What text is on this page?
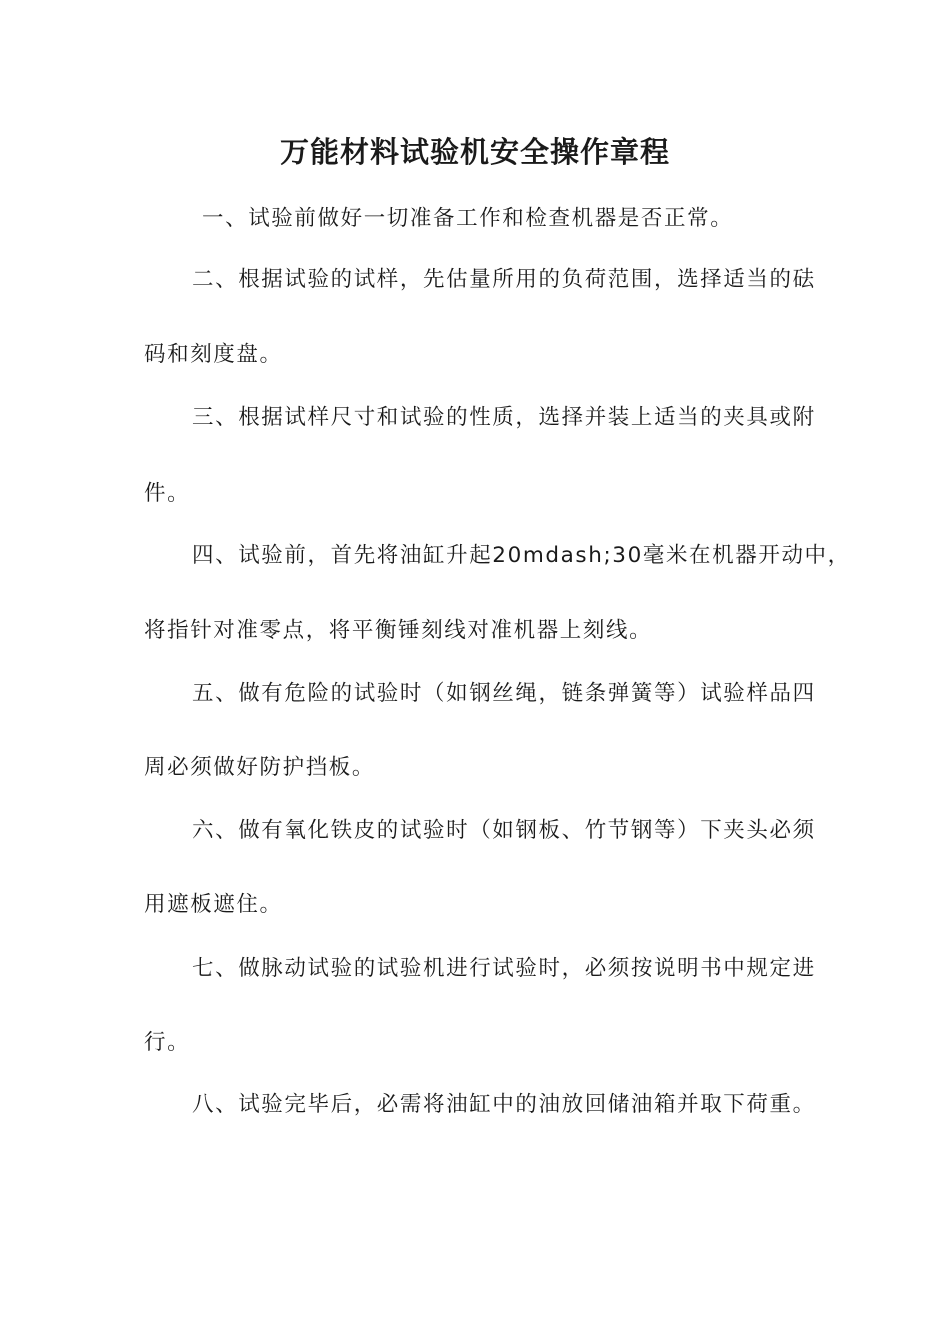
万能材料试验机安全操作章程
一、试验前做好一切准备工作和检查机器是否正常。
二、根据试验的试样，先估量所用的负荷范围，选择适当的砝
码和刻度盘。
三、根据试样尺寸和试验的性质，选择并装上适当的夹具或附
件。
四、试验前，首先将油缸升起20mdash;30毫米在机器开动中，
将指针对准零点，将平衡锤刻线对准机器上刻线。
五、做有危险的试验时（如钢丝绳，链条弹簧等）试验样品四
周必须做好防护挡板。
六、做有氧化铁皮的试验时（如钢板、竹节钢等）下夹头必须
用遮板遮住。
七、做脉动试验的试验机进行试验时，必须按说明书中规定进
行。
八、试验完毕后，必需将油缸中的油放回储油箱并取下荷重。
